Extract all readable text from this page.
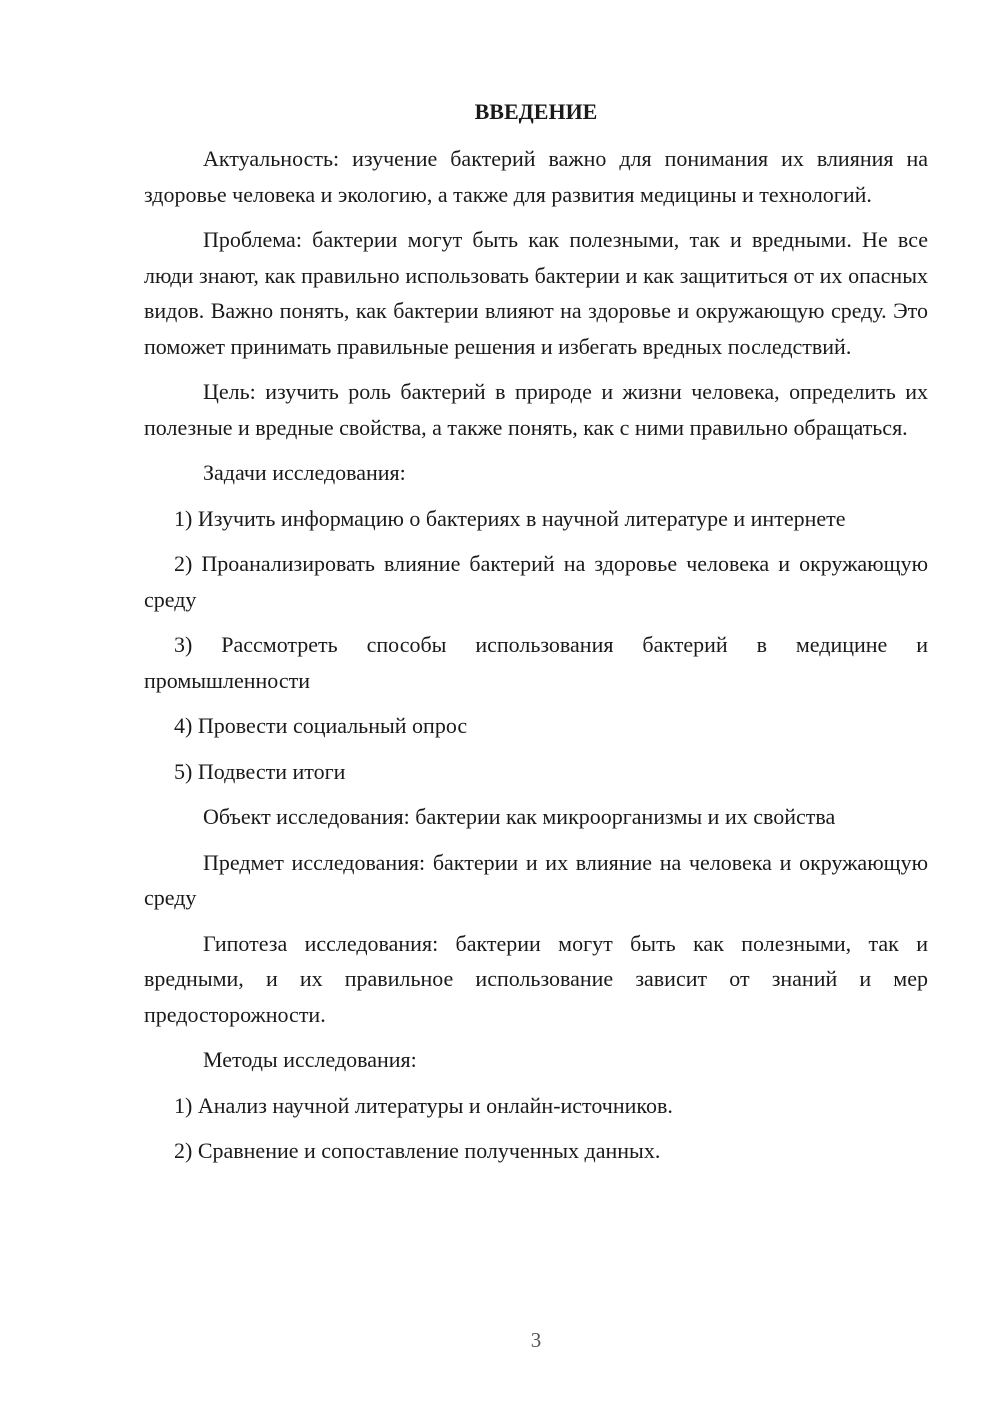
ВВЕДЕНИЕ

Актуальность: изучение бактерий важно для понимания их влияния на здоровье человека и экологию, а также для развития медицины и технологий.

Проблема: бактерии могут быть как полезными, так и вредными. Не все люди знают, как правильно использовать бактерии и как защититься от их опасных видов. Важно понять, как бактерии влияют на здоровье и окружающую среду. Это поможет принимать правильные решения и избегать вредных последствий.

Цель: изучить роль бактерий в природе и жизни человека, определить их полезные и вредные свойства, а также понять, как с ними правильно обращаться.

Задачи исследования:

1) Изучить информацию о бактериях в научной литературе и интернете

2) Проанализировать влияние бактерий на здоровье человека и окружающую среду

3) Рассмотреть способы использования бактерий в медицине и промышленности

4) Провести социальный опрос

5) Подвести итоги

Объект исследования: бактерии как микроорганизмы и их свойства

Предмет исследования: бактерии и их влияние на человека и окружающую среду

Гипотеза исследования: бактерии могут быть как полезными, так и вредными, и их правильное использование зависит от знаний и мер предосторожности.

Методы исследования:

1) Анализ научной литературы и онлайн-источников.

2) Сравнение и сопоставление полученных данных.

3
